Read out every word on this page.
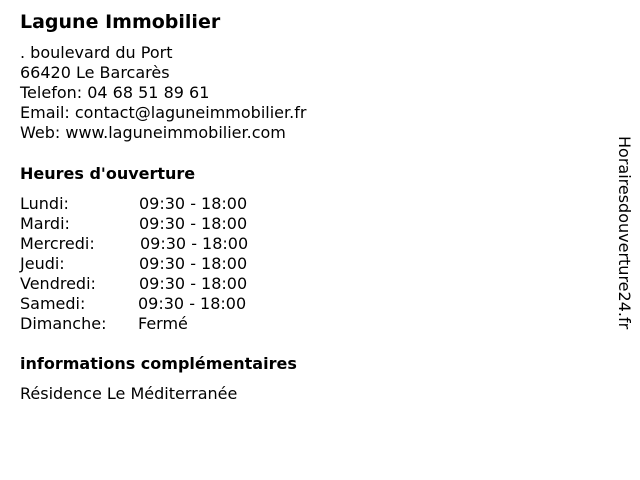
Lagune Immobilier
. boulevard du Port
66420 Le Barcarès
Telefon: 04 68 51 89 61
Email: contact@laguneimmobilier.fr
Web: www.laguneimmobilier.com
Heures d'ouverture
Lundi:	09:30 - 18:00
Mardi:	09:30 - 18:00
Mercredi:	09:30 - 18:00
Jeudi:	09:30 - 18:00
Vendredi:	09:30 - 18:00
Samedi:	09:30 - 18:00
Dimanche: Fermé
informations complémentaires
Résidence Le Méditerranée
Horairesdouverture24.fr
